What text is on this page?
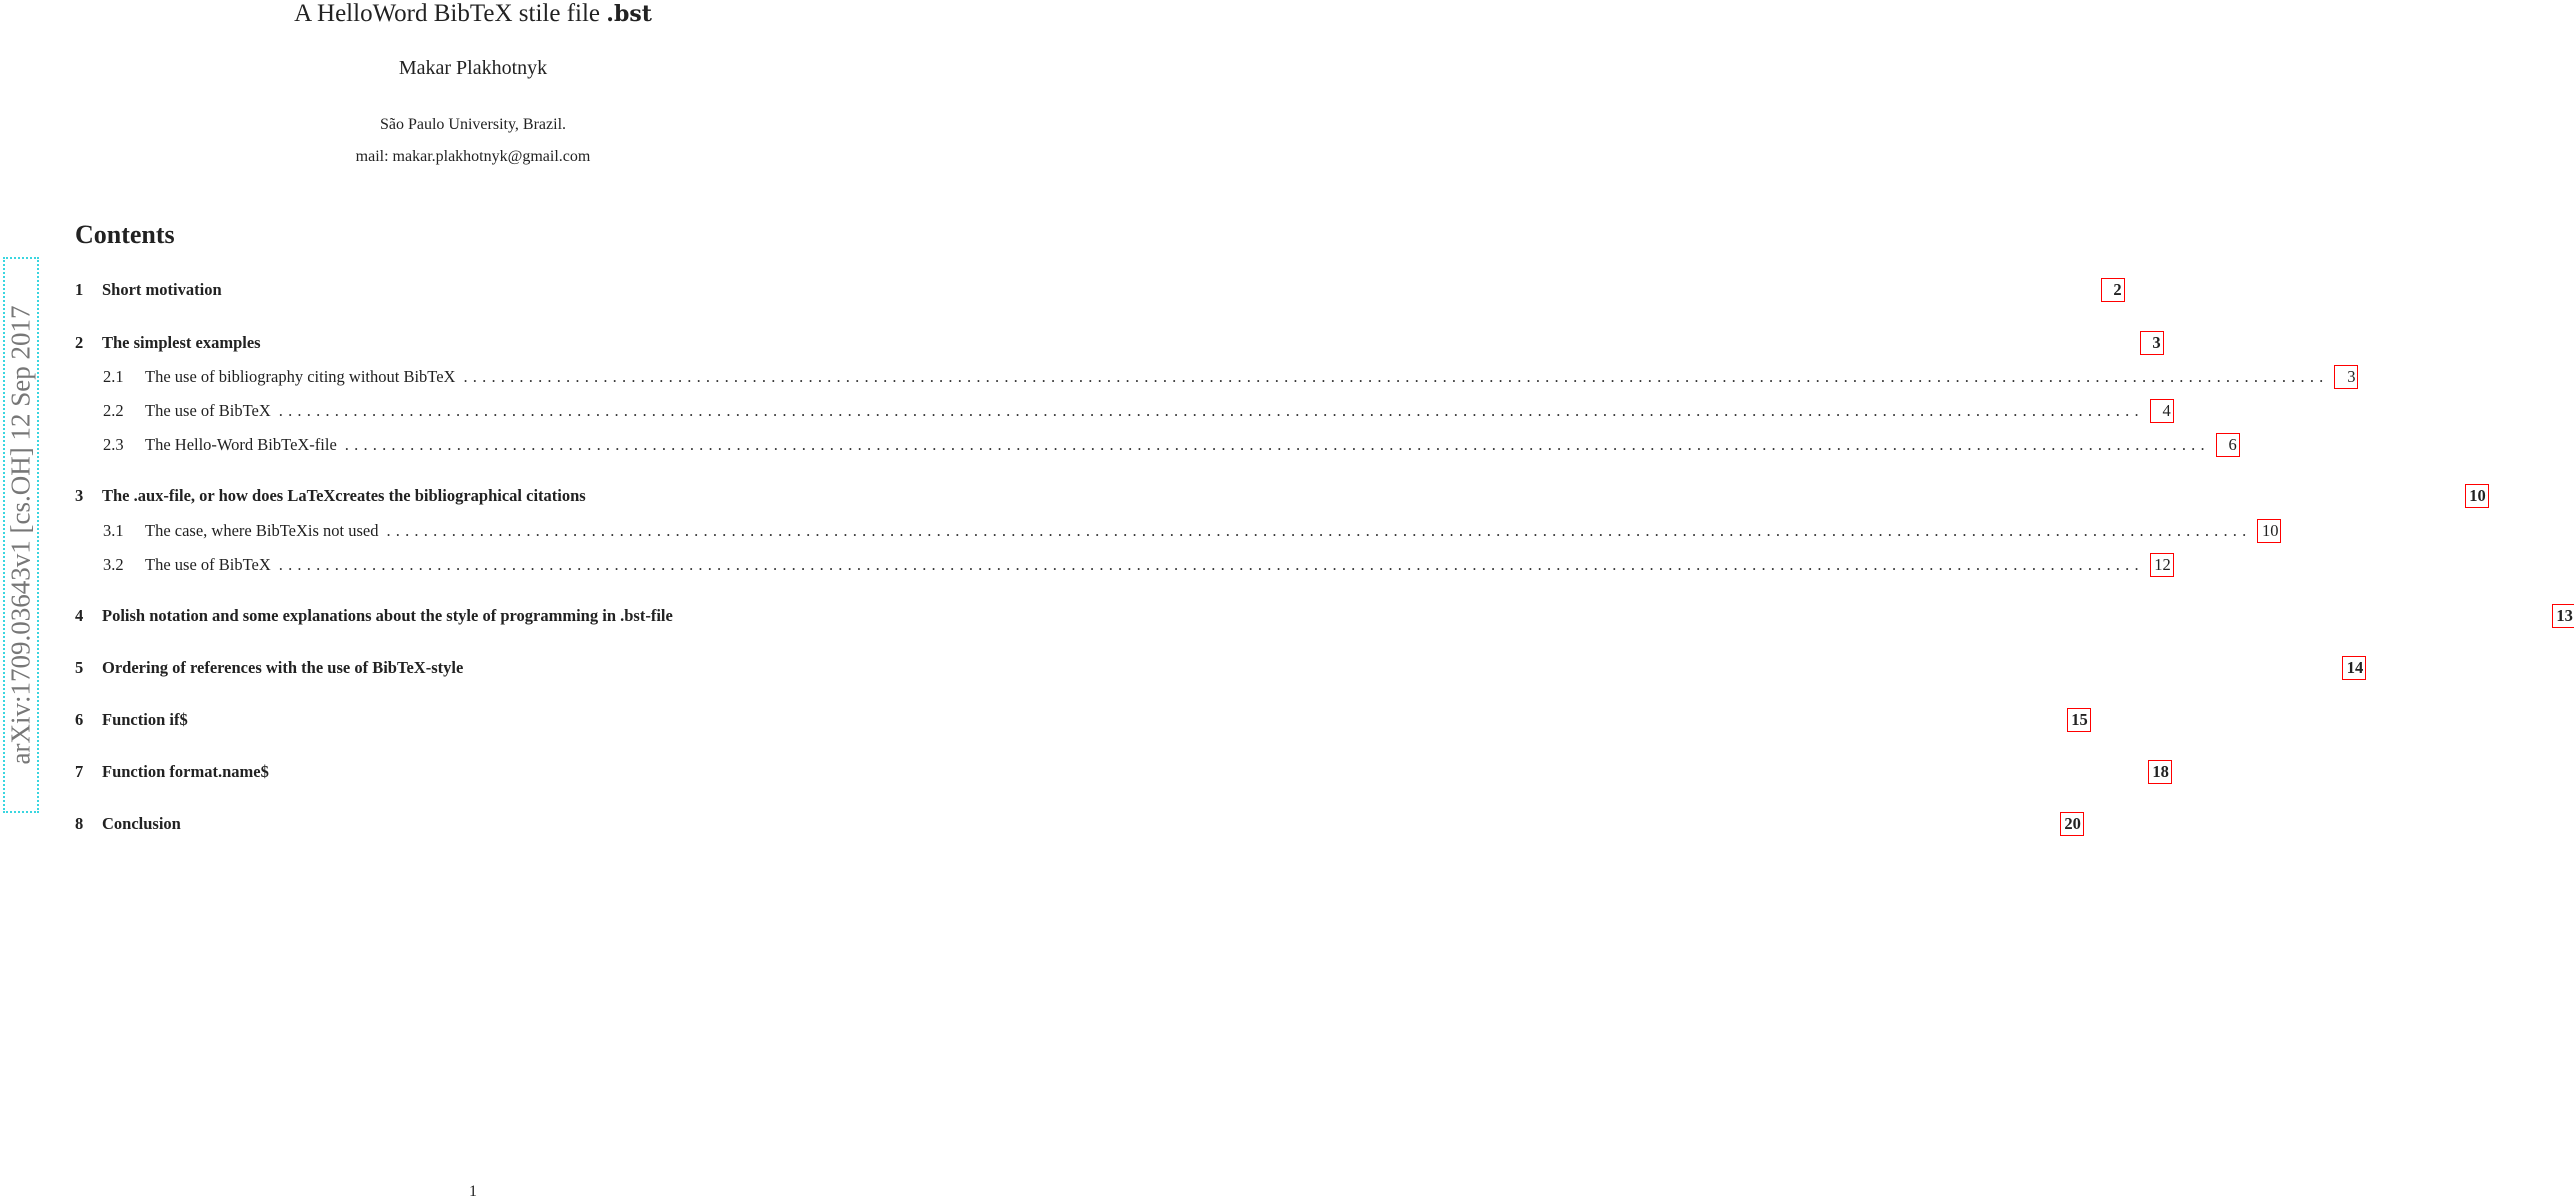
A HelloWord BibTeX stile file .bst
Makar Plakhotnyk
São Paulo University, Brazil.
mail: makar.plakhotnyk@gmail.com
arXiv:1709.03643v1 [cs.OH] 12 Sep 2017
Contents
1	Short motivation	2
2	The simplest examples	3
2.1	The use of bibliography citing without BibTeX ........................................................................................................................................................................................................	3
2.2	The use of BibTeX ........................................................................................................................................................................................................	4
2.3	The Hello-Word BibTeX-file ........................................................................................................................................................................................................	6
3	The .aux-file, or how does LaTeXcreates the bibliographical citations	10
3.1	The case, where BibTeXis not used ........................................................................................................................................................................................................ 10
3.2	The use of BibTeX ........................................................................................................................................................................................................ 12
4	Polish notation and some explanations about the style of programming in .bst-file	13
5	Ordering of references with the use of BibTeX-style	14
6	Function if$	15
7	Function format.name$	18
8	Conclusion	20
1
